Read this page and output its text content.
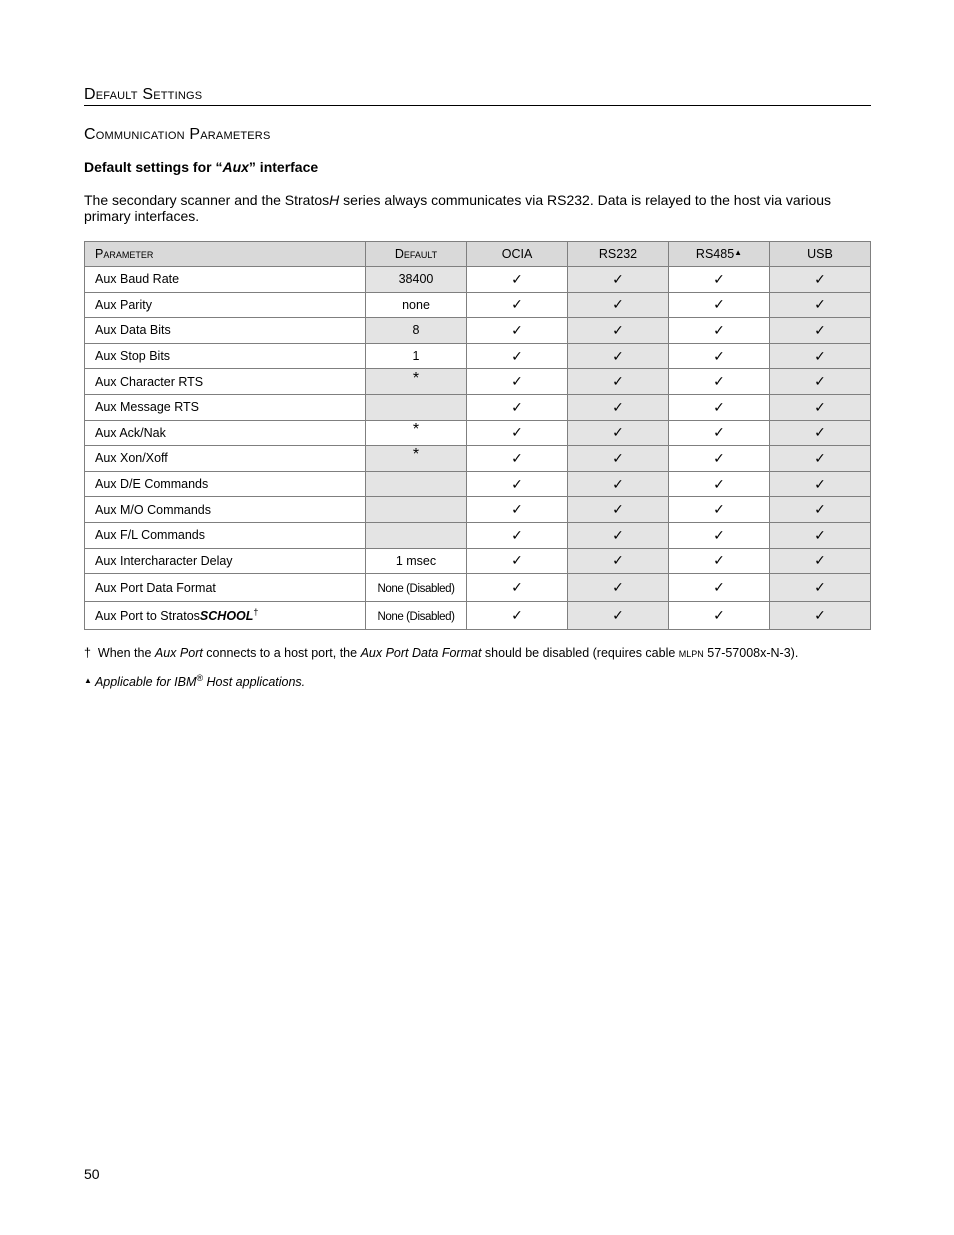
Default Settings
Communication Parameters
Default settings for “Aux” interface
The secondary scanner and the StratosH series always communicates via RS232. Data is relayed to the host via various primary interfaces.
Parameter	Default	OCIA	RS232	RS485▲	USB
Aux Baud Rate	38400	✓	✓	✓	✓
Aux Parity	none	✓	✓	✓	✓
Aux Data Bits	8	✓	✓	✓	✓
Aux Stop Bits	1	✓	✓	✓	✓
Aux Character RTS	*	✓	✓	✓	✓
Aux Message RTS		✓	✓	✓	✓
Aux Ack/Nak	*	✓	✓	✓	✓
Aux Xon/Xoff	*	✓	✓	✓	✓
Aux D/E Commands		✓	✓	✓	✓
Aux M/O Commands		✓	✓	✓	✓
Aux F/L Commands		✓	✓	✓	✓
Aux Intercharacter Delay	1 msec	✓	✓	✓	✓
Aux Port Data Format	None (Disabled)	✓	✓	✓	✓
Aux Port to StratosSCHOOL†	None (Disabled)	✓	✓	✓	✓
† When the Aux Port connects to a host port, the Aux Port Data Format should be disabled (requires cable mlpn 57-57008x-N-3).
▲ Applicable for IBM® Host applications.
50
